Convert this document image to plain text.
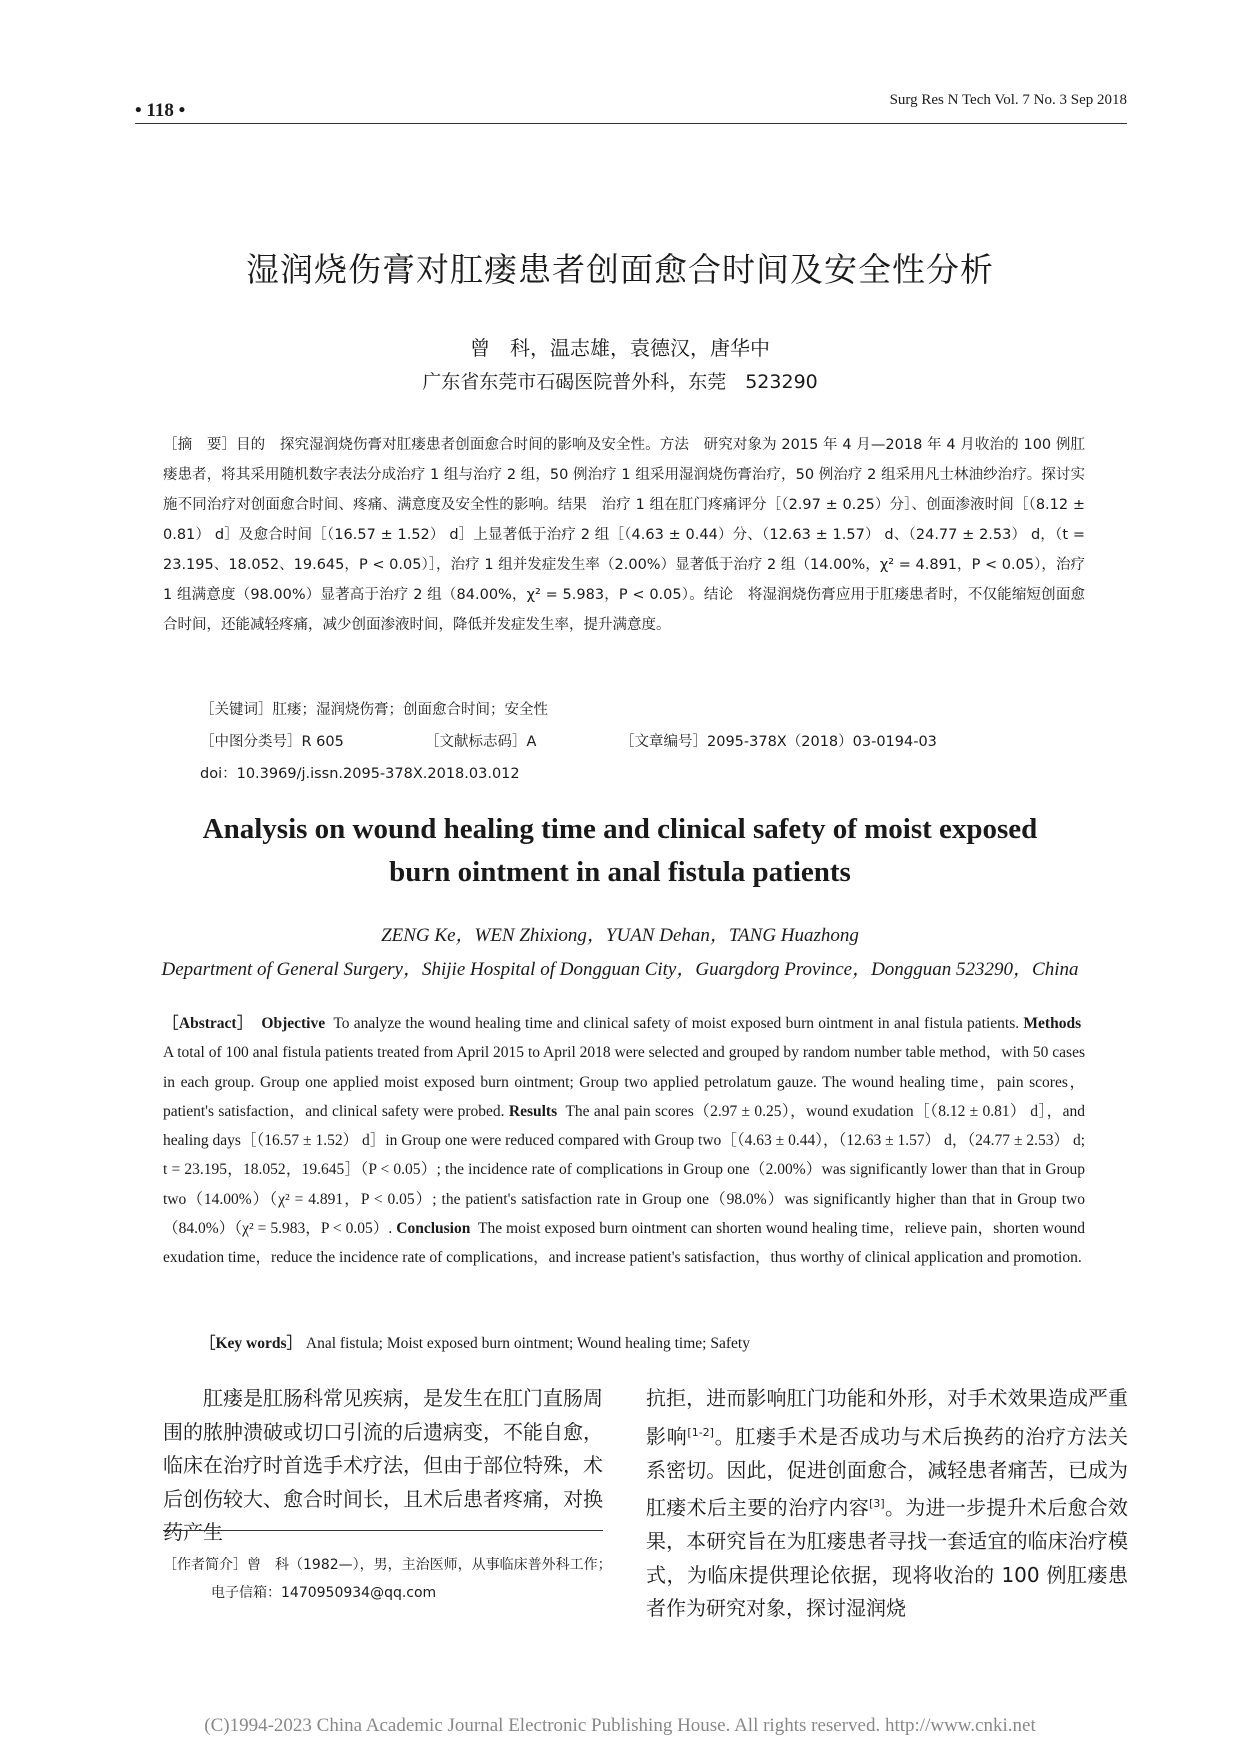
• 118 •	Surg Res N Tech Vol. 7 No. 3 Sep 2018
湿润烧伤膏对肛瘘患者创面愈合时间及安全性分析
曾　科，温志雄，袁德汉，唐华中
广东省东莞市石碣医院普外科，东莞　523290
［摘　要］目的　探究湿润烧伤膏对肛瘘患者创面愈合时间的影响及安全性。方法　研究对象为 2015 年 4 月—2018 年 4 月收治的 100 例肛瘘患者，将其采用随机数字表法分成治疗 1 组与治疗 2 组，50 例治疗 1 组采用湿润烧伤膏治疗，50 例治疗 2 组采用凡士林油纱治疗。探讨实施不同治疗对创面愈合时间、疼痛、满意度及安全性的影响。结果　治疗 1 组在肛门疼痛评分［（2.97 ± 0.25）分］、创面渗液时间［（8.12 ± 0.81） d］及愈合时间［（16.57 ± 1.52） d］上显著低于治疗 2 组［（4.63 ± 0.44）分、（12.63 ± 1.57） d、（24.77 ± 2.53） d，（t = 23.195、18.052、19.645，P < 0.05）］，治疗 1 组并发症发生率（2.00%）显著低于治疗 2 组（14.00%，χ² = 4.891，P < 0.05），治疗 1 组满意度（98.00%）显著高于治疗 2 组（84.00%，χ² = 5.983，P < 0.05）。结论　将湿润烧伤膏应用于肛瘘患者时，不仅能缩短创面愈合时间，还能减轻疼痛，减少创面渗液时间，降低并发症发生率，提升满意度。
［关键词］肛瘘；湿润烧伤膏；创面愈合时间；安全性
［中图分类号］R 605	［文献标志码］A	［文章编号］2095-378X（2018）03-0194-03
doi：10.3969/j.issn.2095-378X.2018.03.012
Analysis on wound healing time and clinical safety of moist exposed
burn ointment in anal fistula patients
ZENG Ke，WEN Zhixiong，YUAN Dehan，TANG Huazhong
Department of General Surgery，Shijie Hospital of Dongguan City，Guargdorg Province，Dongguan 523290，China
［Abstract］ Objective To analyze the wound healing time and clinical safety of moist exposed burn ointment in anal fistula patients. Methods  A total of 100 anal fistula patients treated from April 2015 to April 2018 were selected and grouped by random number table method，with 50 cases in each group. Group one applied moist exposed burn ointment; Group two applied petrolatum gauze. The wound healing time，pain scores，patient's satisfaction，and clinical safety were probed. Results The anal pain scores（2.97 ± 0.25），wound exudation［（8.12 ± 0.81） d］，and healing days［（16.57 ± 1.52） d］in Group one were reduced compared with Group two［（4.63 ± 0.44），（12.63 ± 1.57） d，（24.77 ± 2.53） d; t = 23.195，18.052，19.645］（P < 0.05）; the incidence rate of complications in Group one（2.00%）was significantly lower than that in Group two（14.00%）（χ² = 4.891，P < 0.05）; the patient's satisfaction rate in Group one（98.0%）was significantly higher than that in Group two（84.0%）（χ² = 5.983，P < 0.05）. Conclusion The moist exposed burn ointment can shorten wound healing time，relieve pain，shorten wound exudation time，reduce the incidence rate of complications，and increase patient's satisfaction，thus worthy of clinical application and promotion.
［Key words］ Anal fistula; Moist exposed burn ointment; Wound healing time; Safety
肛瘘是肛肠科常见疾病，是发生在肛门直肠周围的脓肿溃破或切口引流的后遗病变，不能自愈，临床在治疗时首选手术疗法，但由于部位特殊，术后创伤较大、愈合时间长，且术后患者疼痛，对换药产生
抗拒，进而影响肛门功能和外形，对手术效果造成严重影响[1-2]。肛瘘手术是否成功与术后换药的治疗方法关系密切。因此，促进创面愈合，减轻患者痛苦，已成为肛瘘术后主要的治疗内容[3]。为进一步提升术后愈合效果，本研究旨在为肛瘘患者寻找一套适宜的临床治疗模式，为临床提供理论依据，现将收治的 100 例肛瘘患者作为研究对象，探讨湿润烧
［作者简介］曾　科（1982—），男，主治医师，从事临床普外科工作；
电子信箱：1470950934@qq.com
(C)1994-2023 China Academic Journal Electronic Publishing House. All rights reserved. http://www.cnki.net
